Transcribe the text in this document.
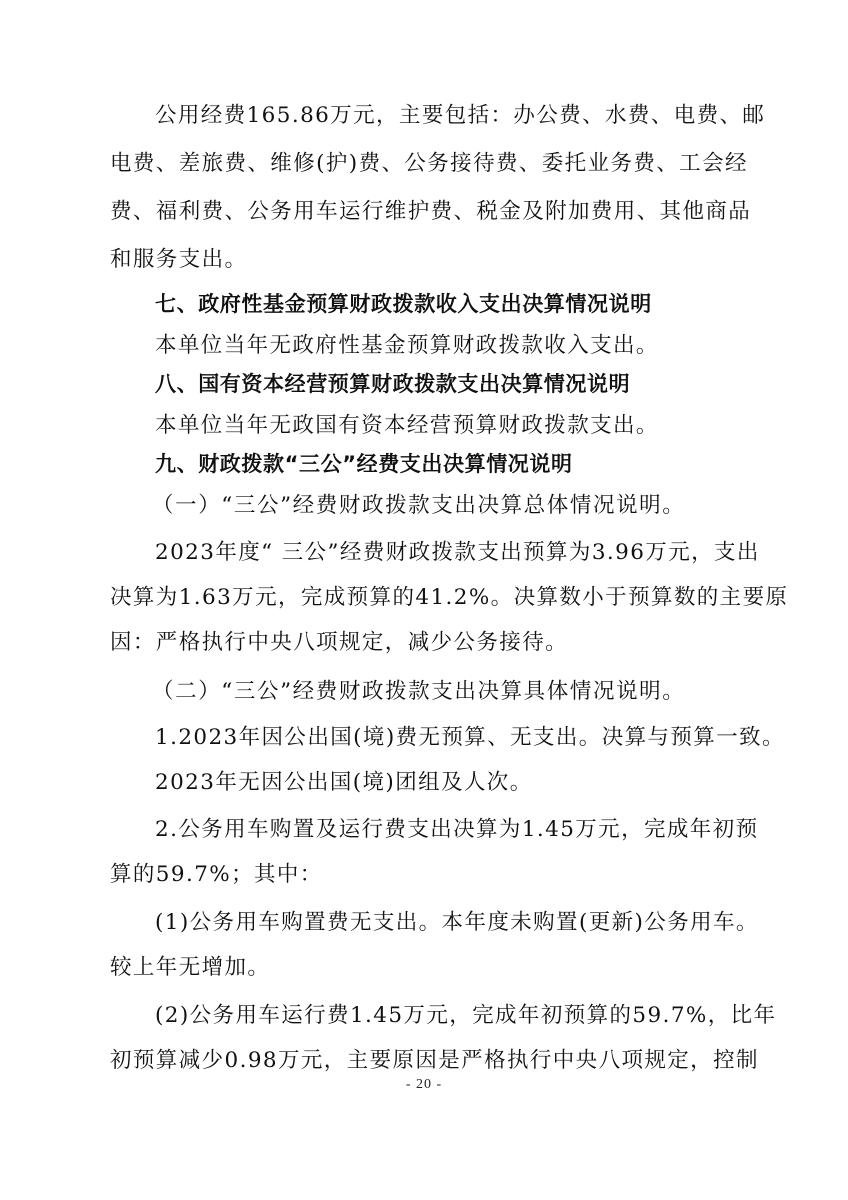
公用经费165.86万元，主要包括：办公费、水费、电费、邮

电费、差旅费、维修(护)费、公务接待费、委托业务费、工会经

费、福利费、公务用车运行维护费、税金及附加费用、其他商品

和服务支出。

七、政府性基金预算财政拨款收入支出决算情况说明

本单位当年无政府性基金预算财政拨款收入支出。

八、国有资本经营预算财政拨款支出决算情况说明

本单位当年无政国有资本经营预算财政拨款支出。

九、财政拨款“三公”经费支出决算情况说明

（一）“三公”经费财政拨款支出决算总体情况说明。

2023年度“ 三公”经费财政拨款支出预算为3.96万元，支出

决算为1.63万元，完成预算的41.2%。决算数小于预算数的主要原

因：严格执行中央八项规定，减少公务接待。

（二）“三公”经费财政拨款支出决算具体情况说明。

1.2023年因公出国(境)费无预算、无支出。决算与预算一致。

2023年无因公出国(境)团组及人次。

2.公务用车购置及运行费支出决算为1.45万元，完成年初预

算的59.7%；其中：

(1)公务用车购置费无支出。本年度未购置(更新)公务用车。

较上年无增加。

(2)公务用车运行费1.45万元，完成年初预算的59.7%，比年

初预算减少0.98万元，主要原因是严格执行中央八项规定，控制

- 20 -
